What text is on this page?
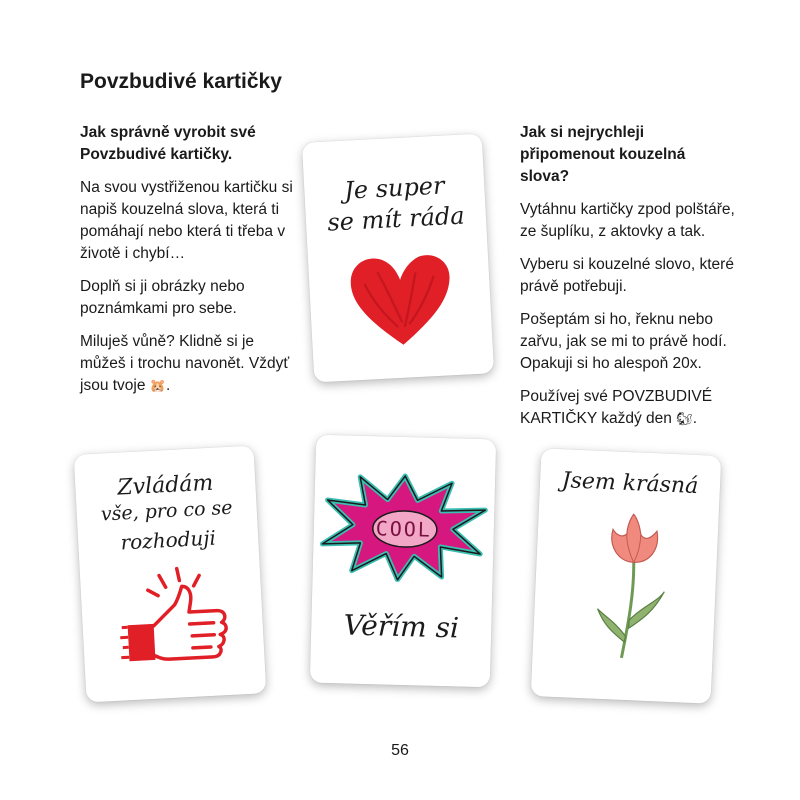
Povzbudivé kartičky
Jak správně vyrobit své Povzbudivé kartičky.

Na svou vystřiženou kartičku si napiš kouzelná slova, která ti pomáhají nebo která ti třeba v životě i chybí…

Doplň si ji obrázky nebo poznámkami pro sebe.

Miluješ vůně? Klidně si je můžeš i trochu navonět. Vždyť jsou tvoje 🐹.

Jak si nejrychleji připomenout kouzelná slova?

Vytáhnu kartičky zpod polštáře, ze šuplíku, z aktovky a tak.

Vyberu si kouzelné slovo, které právě potřebuji.

Pošeptám si ho, řeknu nebo zařvu, jak se mi to právě hodí. Opakuji si ho alespoň 20x.

Používej své POVZBUDIVÉ KARTIČKY každý den 🐿.

Je super
se mít ráda
Zvládám
vše, pro co se
rozhoduji	COOL
Věřím si
Jsem krásná
56
